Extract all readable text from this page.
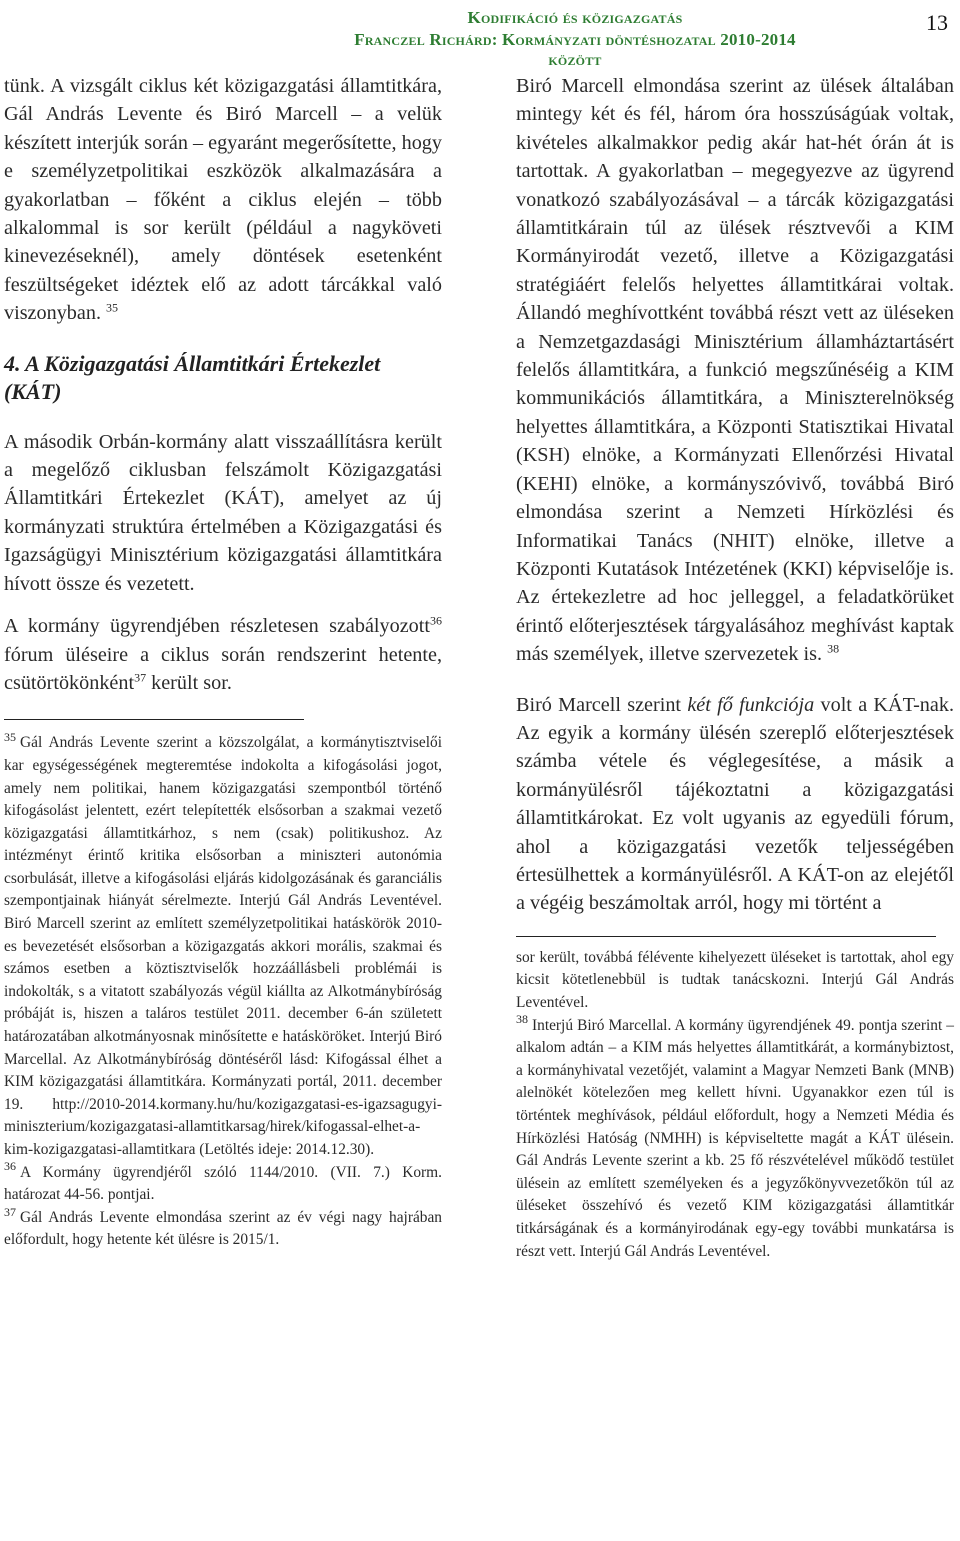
Kodifikáció és közigazgatás
Franczel Richárd: Kormányzati döntéshozatal 2010-2014 között
13

tünk. A vizsgált ciklus két közigazgatási államtitkára, Gál András Levente és Biró Marcell – a velük készített interjúk során – egyaránt megerősítette, hogy e személyzetpolitikai eszközök alkalmazására a gyakorlatban – főként a ciklus elején – több alkalommal is sor került (például a nagyköveti kinevezéseknél), amely döntések esetenként feszültségeket idéztek elő az adott tárcákkal való viszonyban. $^{35}$

4. A Közigazgatási Államtitkári Értekezlet (KÁT)

A második Orbán-kormány alatt visszaállításra került a megelőző ciklusban felszámolt Közigazgatási Államtitkári Értekezlet (KÁT), amelyet az új kormányzati struktúra értelmében a Közigazgatási és Igazságügyi Minisztérium közigazgatási államtitkára hívott össze és vezetett.

A kormány ügyrendjében részletesen szabályozott$^{36}$ fórum üléseire a ciklus során rendszerint hetente, csütörtökönként$^{37}$ került sor.

$^{35}$ Gál András Levente szerint a közszolgálat, a kormánytisztviselői kar egységességének megteremtése indokolta a kifogásolási jogot, amely nem politikai, hanem közigazgatási szempontból történő kifogásolást jelentett, ezért telepítették elsősorban a szakmai vezető közigazgatási államtitkárhoz, s nem (csak) politikushoz. Az intézményt érintő kritika elsősorban a miniszteri autonómia csorbulását, illetve a kifogásolási eljárás kidolgozásának és garanciális szempontjainak hiányát sérelmezte. Interjú Gál András Leventével. Biró Marcell szerint az említett személyzetpolitikai hatáskörök 2010-es bevezetését elsősorban a közigazgatás akkori morális, szakmai és számos esetben a köztisztviselők hozzáállásbeli problémái is indokolták, s a vitatott szabályozás végül kiállta az Alkotmánybíróság próbáját is, hiszen a taláros testület 2011. december 6-án született határozatában alkotmányosnak minősítette e hatásköröket. Interjú Biró Marcellal. Az Alkotmánybíróság döntéséről lásd: Kifogással élhet a KIM közigazgatási államtitkára. Kormányzati portál, 2011. december 19. http://2010-2014.kormany.hu/hu/kozigazgatasi-es-igazsagugyi-miniszterium/kozigazgatasi-allamtitkarsag/hirek/kifogassal-elhet-a-kim-kozigazgatasi-allamtitkara (Letöltés ideje: 2014.12.30).

$^{36}$ A Kormány ügyrendjéről szóló 1144/2010. (VII. 7.) Korm. határozat 44-56. pontjai.

$^{37}$ Gál András Levente elmondása szerint az év végi nagy hajrában előfordult, hogy hetente két ülésre is 2015/1.

Biró Marcell elmondása szerint az ülések általában mintegy két és fél, három óra hosszúságúak voltak, kivételes alkalmakkor pedig akár hat-hét órán át is tartottak. A gyakorlatban – megegyezve az ügyrend vonatkozó szabályozásával – a tárcák közigazgatási államtitkárain túl az ülések résztvevői a KIM Kormányirodát vezető, illetve a Közigazgatási stratégiáért felelős helyettes államtitkárai voltak. Állandó meghívottként továbbá részt vett az üléseken a Nemzetgazdasági Minisztérium államháztartásért felelős államtitkára, a funkció megszűnéséig a KIM kommunikációs államtitkára, a Miniszterelnökség helyettes államtitkára, a Központi Statisztikai Hivatal (KSH) elnöke, a Kormányzati Ellenőrzési Hivatal (KEHI) elnöke, a kormányszóvivő, továbbá Biró elmondása szerint a Nemzeti Hírközlési és Informatikai Tanács (NHIT) elnöke, illetve a Központi Kutatások Intézetének (KKI) képviselője is. Az értekezletre ad hoc jelleggel, a feladatkörüket érintő előterjesztések tárgyalásához meghívást kaptak más személyek, illetve szervezetek is. $^{38}$

Biró Marcell szerint két fő funkciója volt a KÁT-nak. Az egyik a kormány ülésén szereplő előterjesztések számba vétele és véglegesítése, a másik a kormányülésről tájékoztatni a közigazgatási államtitkárokat. Ez volt ugyanis az egyedüli fórum, ahol a közigazgatási vezetők teljességében értesülhettek a kormányülésről. A KÁT-on az elejétől a végéig beszámoltak arról, hogy mi történt a

sor került, továbbá félévente kihelyezett üléseket is tartottak, ahol egy kicsit kötetlenebbül is tudtak tanácskozni. Interjú Gál András Leventével.

$^{38}$ Interjú Biró Marcellal. A kormány ügyrendjének 49. pontja szerint – alkalom adtán – a KIM más helyettes államtitkárát, a kormánybiztost, a kormányhivatal vezetőjét, valamint a Magyar Nemzeti Bank (MNB) alelnökét kötelezően meg kellett hívni. Ugyanakkor ezen túl is történtek meghívások, például előfordult, hogy a Nemzeti Média és Hírközlési Hatóság (NMHH) is képviseltette magát a KÁT ülésein. Gál András Levente szerint a kb. 25 fő részvételével működő testület ülésein az említett személyeken és a jegyzőkönyvvezetőkön túl az üléseket összehívó és vezető KIM közigazgatási államtitkár titkárságának és a kormányirodának egy-egy további munkatársa is részt vett. Interjú Gál András Leventével.
